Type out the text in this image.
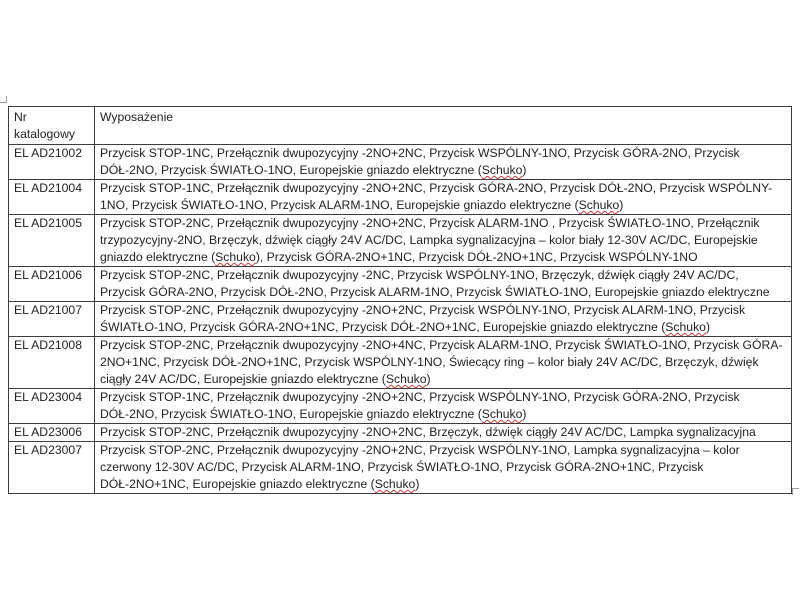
Nr
katalogowy	Wyposażenie
EL AD21002	Przycisk STOP-1NC, Przełącznik dwupozycyjny -2NO+2NC, Przycisk WSPÓLNY-1NO, Przycisk GÓRA-2NO, Przycisk DÓŁ-2NO, Przycisk ŚWIATŁO-1NO, Europejskie gniazdo elektryczne (Schuko)
EL AD21004	Przycisk STOP-1NC, Przełącznik dwupozycyjny -2NO+2NC, Przycisk GÓRA-2NO, Przycisk DÓŁ-2NO, Przycisk WSPÓLNY-1NO, Przycisk ŚWIATŁO-1NO, Przycisk ALARM-1NO, Europejskie gniazdo elektryczne (Schuko)
EL AD21005	Przycisk STOP-2NC, Przełącznik dwupozycyjny -2NO+2NC, Przycisk ALARM-1NO , Przycisk ŚWIATŁO-1NO, Przełącznik trzypozycyjny-2NO, Brzęczyk, dźwięk ciągły 24V AC/DC, Lampka sygnalizacyjna – kolor biały 12-30V AC/DC, Europejskie gniazdo elektryczne (Schuko), Przycisk GÓRA-2NO+1NC, Przycisk DÓŁ-2NO+1NC, Przycisk WSPÓLNY-1NO
EL AD21006	Przycisk STOP-2NC, Przełącznik dwupozycyjny -2NC, Przycisk WSPÓLNY-1NO, Brzęczyk, dźwięk ciągły 24V AC/DC, Przycisk GÓRA-2NO, Przycisk DÓŁ-2NO, Przycisk ALARM-1NO, Przycisk ŚWIATŁO-1NO, Europejskie gniazdo elektryczne
EL AD21007	Przycisk STOP-2NC, Przełącznik dwupozycyjny -2NO+2NC, Przycisk WSPÓLNY-1NO, Przycisk ALARM-1NO, Przycisk ŚWIATŁO-1NO, Przycisk GÓRA-2NO+1NC, Przycisk DÓŁ-2NO+1NC, Europejskie gniazdo elektryczne (Schuko)
EL AD21008	Przycisk STOP-2NC, Przełącznik dwupozycyjny -2NO+4NC, Przycisk ALARM-1NO, Przycisk ŚWIATŁO-1NO, Przycisk GÓRA-2NO+1NC, Przycisk DÓŁ-2NO+1NC, Przycisk WSPÓLNY-1NO, Świecący ring – kolor biały 24V AC/DC, Brzęczyk, dźwięk ciągły 24V AC/DC, Europejskie gniazdo elektryczne (Schuko)
EL AD23004	Przycisk STOP-1NC, Przełącznik dwupozycyjny -2NO+2NC, Przycisk WSPÓLNY-1NO, Przycisk GÓRA-2NO, Przycisk DÓŁ-2NO, Przycisk ŚWIATŁO-1NO, Europejskie gniazdo elektryczne (Schuko)
EL AD23006	Przycisk STOP-2NC, Przełącznik dwupozycyjny -2NO+2NC, Brzęczyk, dźwięk ciągły 24V AC/DC, Lampka sygnalizacyjna
EL AD23007	Przycisk STOP-2NC, Przełącznik dwupozycyjny -2NO+2NC, Przycisk WSPÓLNY-1NO, Lampka sygnalizacyjna – kolor czerwony 12-30V AC/DC, Przycisk ALARM-1NO, Przycisk ŚWIATŁO-1NO, Przycisk GÓRA-2NO+1NC, Przycisk DÓŁ-2NO+1NC, Europejskie gniazdo elektryczne (Schuko)
